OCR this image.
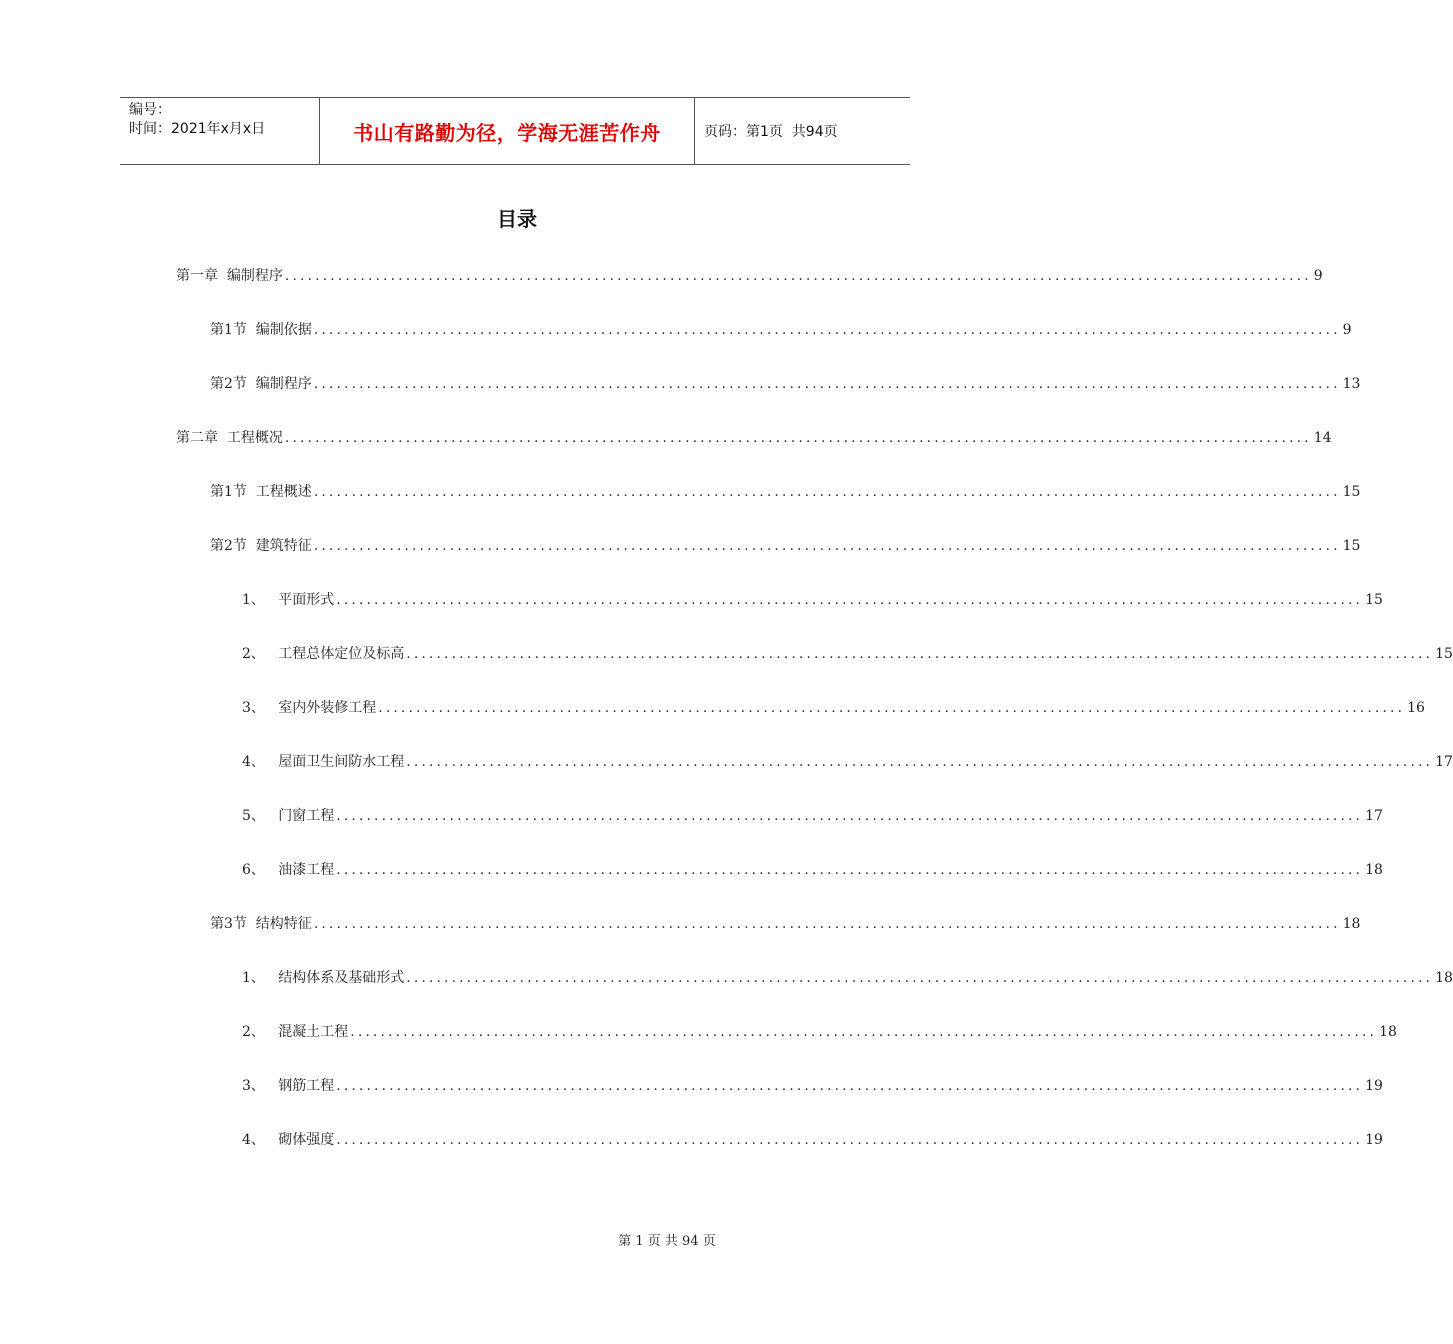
编号：
时间：2021年x月x日	书山有路勤为径，学海无涯苦作舟	页码：第1页  共94页
目录
第一章  编制程序 ........................................................................................................................................ 9
第1节  编制依据 ........................................................................................................................................ 9
第2节  编制程序 ........................................................................................................................................ 13
第二章  工程概况 ........................................................................................................................................ 14
第1节  工程概述 ........................................................................................................................................ 15
第2节  建筑特征 ........................................................................................................................................ 15
1、   平面形式 ........................................................................................................................................ 15
2、   工程总体定位及标高 ........................................................................................................................................ 15
3、   室内外装修工程 ........................................................................................................................................ 16
4、   屋面卫生间防水工程 ........................................................................................................................................ 17
5、   门窗工程 ........................................................................................................................................ 17
6、   油漆工程 ........................................................................................................................................ 18
第3节  结构特征 ........................................................................................................................................ 18
1、   结构体系及基础形式 ........................................................................................................................................ 18
2、   混凝土工程 ........................................................................................................................................ 18
3、   钢筋工程 ........................................................................................................................................ 19
4、   砌体强度 ........................................................................................................................................ 19
第 1 页 共 94 页
